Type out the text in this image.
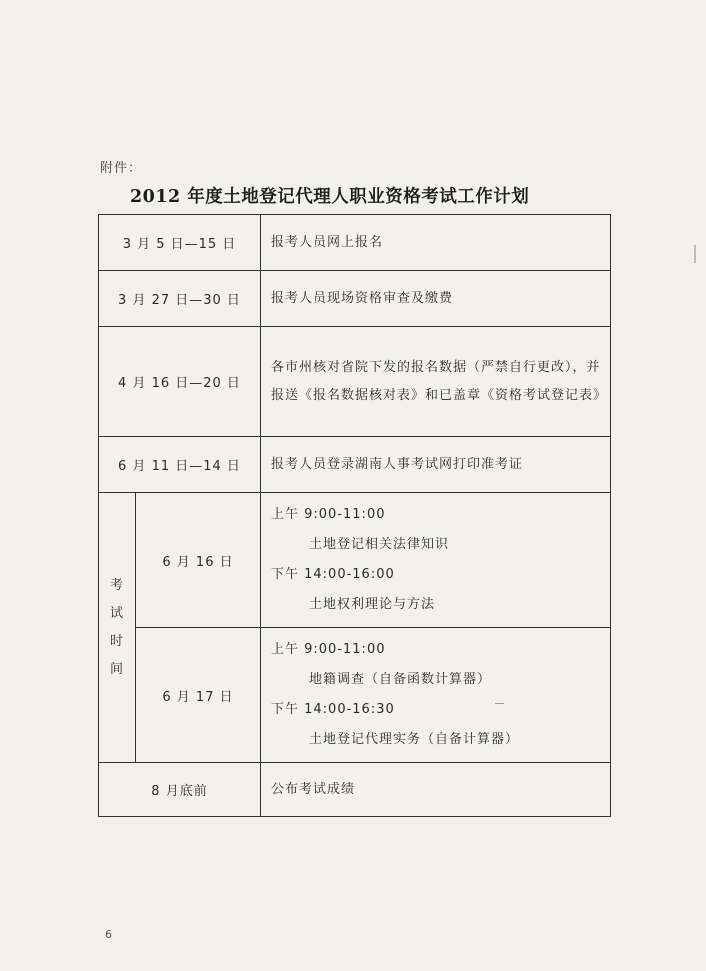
附件：
2012 年度土地登记代理人职业资格考试工作计划
3 月 5 日—15 日		报考人员网上报名
3 月 27 日—30 日		报考人员现场资格审查及缴费
4 月 16 日—20 日		各市州核对省院下发的报名数据（严禁自行更改），并报送《报名数据核对表》和已盖章《资格考试登记表》
6 月 11 日—14 日		报考人员登录湖南人事考试网打印准考证
考试时间	6 月 16 日	上午 9:00-11:00
土地登记相关法律知识
下午 14:00-16:00
土地权利理论与方法

	6 月 17 日	上午 9:00-11:00
地籍调查（自备函数计算器）
下午 14:00-16:30
土地登记代理实务（自备计算器）

8 月底前		公布考试成绩
6
